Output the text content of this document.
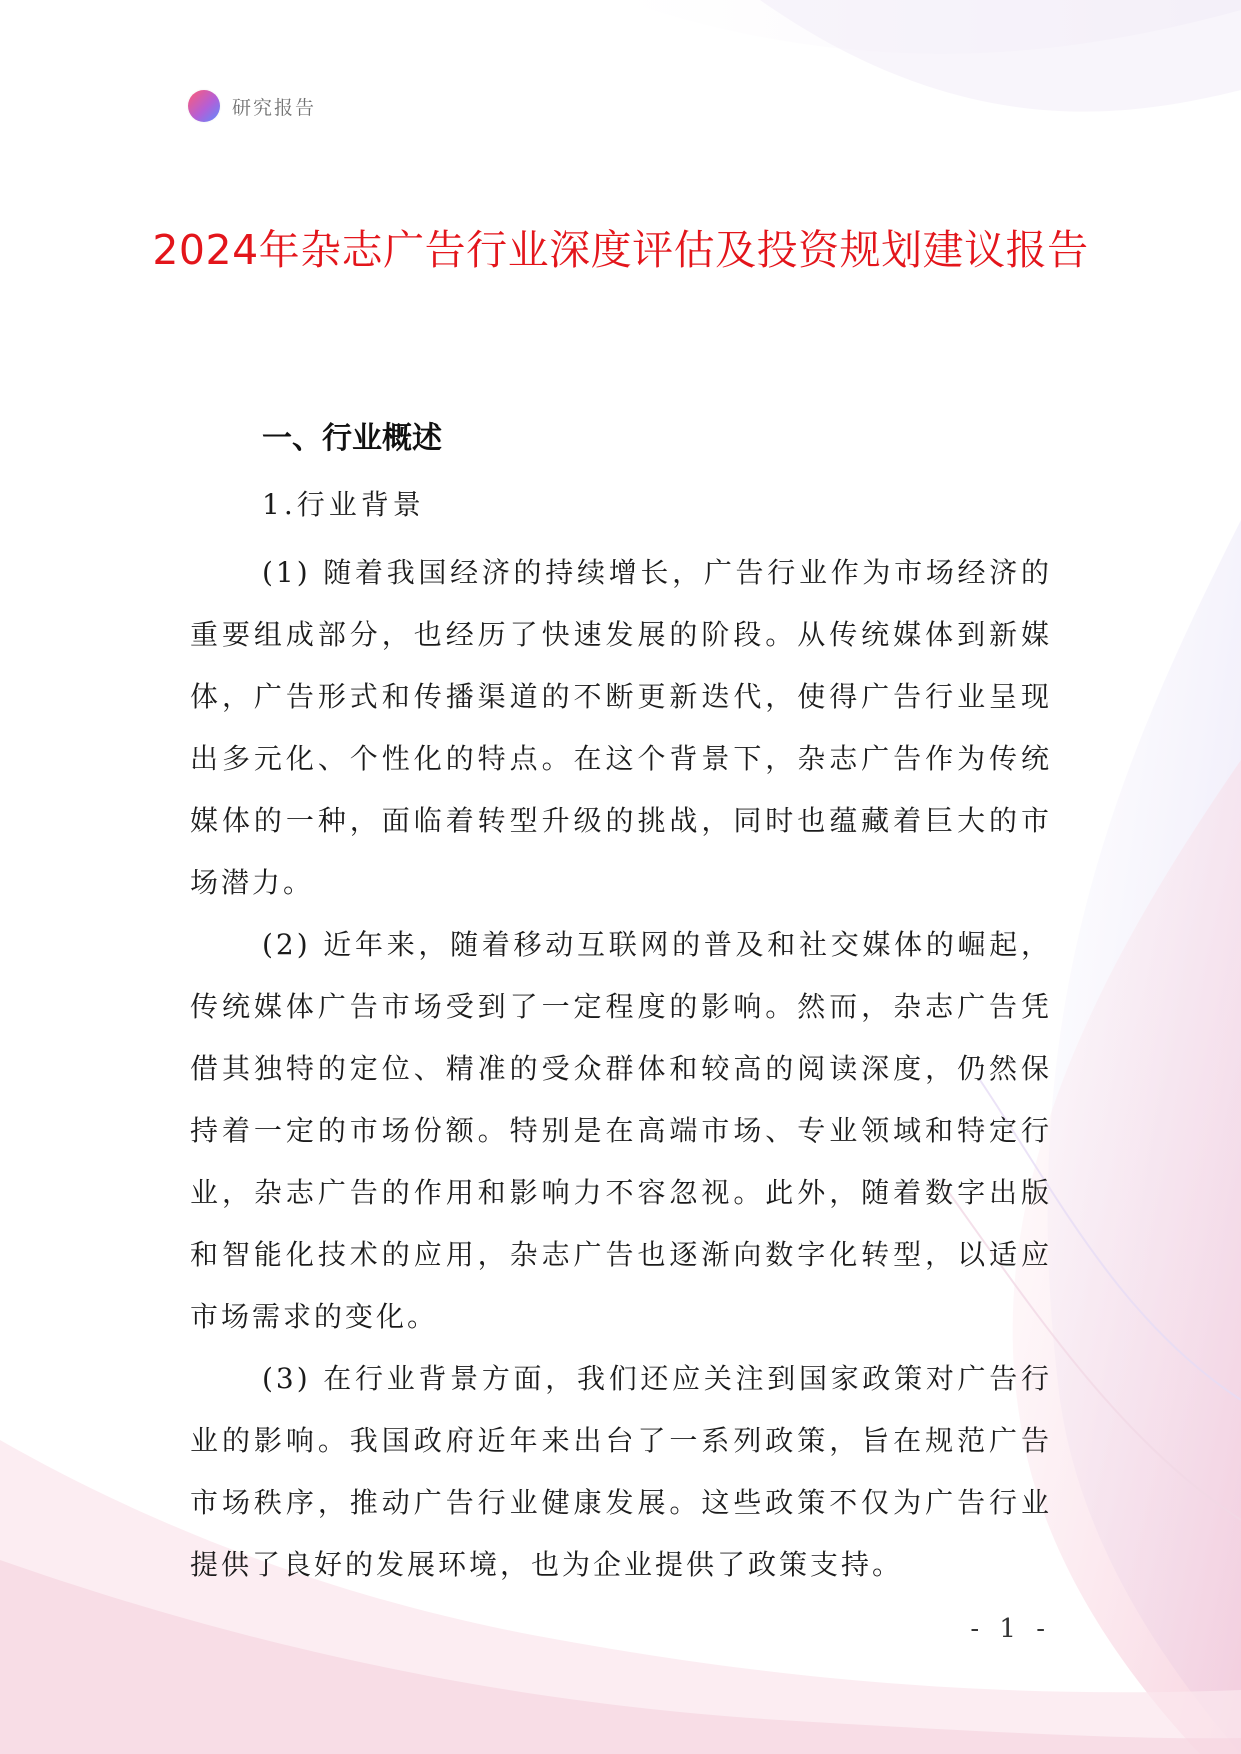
研究报告
2024年杂志广告行业深度评估及投资规划建议报告
一、行业概述
1.行业背景

(1) 随着我国经济的持续增长，广告行业作为市场经济的重要组成部分，也经历了快速发展的阶段。从传统媒体到新媒体，广告形式和传播渠道的不断更新迭代，使得广告行业呈现出多元化、个性化的特点。在这个背景下，杂志广告作为传统媒体的一种，面临着转型升级的挑战，同时也蕴藏着巨大的市场潜力。

(2) 近年来，随着移动互联网的普及和社交媒体的崛起，传统媒体广告市场受到了一定程度的影响。然而，杂志广告凭借其独特的定位、精准的受众群体和较高的阅读深度，仍然保持着一定的市场份额。特别是在高端市场、专业领域和特定行业，杂志广告的作用和影响力不容忽视。此外，随着数字出版和智能化技术的应用，杂志广告也逐渐向数字化转型，以适应市场需求的变化。

(3) 在行业背景方面，我们还应关注到国家政策对广告行业的影响。我国政府近年来出台了一系列政策，旨在规范广告市场秩序，推动广告行业健康发展。这些政策不仅为广告行业提供了良好的发展环境，也为企业提供了政策支持。

- 1 -
